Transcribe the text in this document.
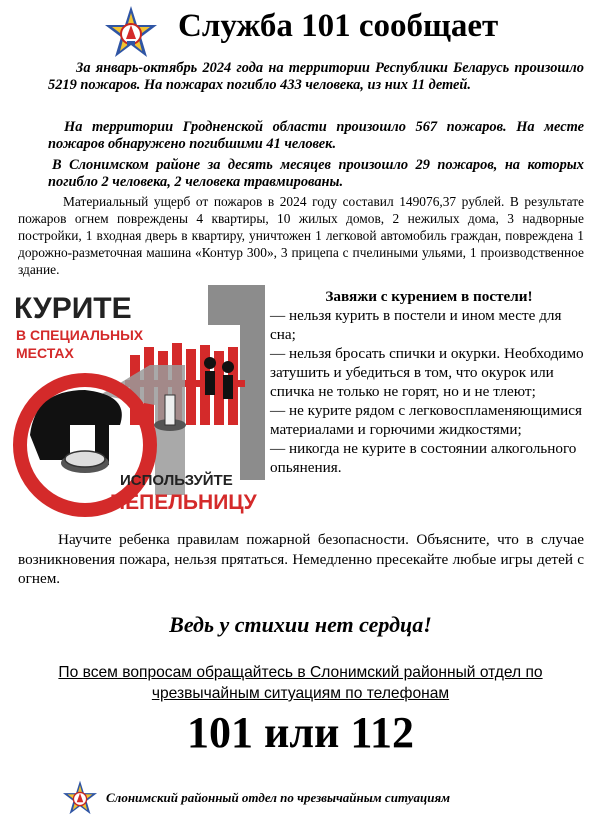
Служба 101 сообщает
За январь-октябрь 2024 года на территории Республики Беларусь произошло 5219 пожаров. На пожарах погибло 433 человека, из них 11 детей.
На территории Гродненской области произошло 567 пожаров. На месте пожаров обнаружено погибшими 41 человек.
В Слонимском районе за десять месяцев произошло 29 пожаров, на которых погибло 2 человека, 2 человека травмированы.
Материальный ущерб от пожаров в 2024 году составил 149076,37 рублей. В результате пожаров огнем повреждены 4 квартиры, 10 жилых домов, 2 нежилых дома, 3 надворные постройки, 1 входная дверь в квартиру, уничтожен 1 легковой автомобиль граждан, повреждена 1 дорожно-разметочная машина «Контур 300», 3 прицепа с пчелиными ульями, 1 производственное здание.
КУРИТЕ
В СПЕЦИАЛЬНЫХ
МЕСТАХ
ИСПОЛЬЗУЙТЕ
ПЕПЕЛЬНИЦУ
Завяжи с курением в постели!
— нельзя курить в постели и ином месте для сна;
— нельзя бросать спички и окурки. Необходимо затушить и убедиться в том, что окурок или спичка не только не горят, но и не тлеют;
— не курите рядом с легковоспламеняющимися материалами и горючими жидкостями;
— никогда не курите в состоянии алкогольного опьянения.
Научите ребенка правилам пожарной безопасности. Объясните, что в случае возникновения пожара, нельзя прятаться. Немедленно пресекайте любые игры детей с огнем.
Ведь у стихии нет сердца!
По всем вопросам обращайтесь в Слонимский районный отдел по
чрезвычайным ситуациям по телефонам
101 или 112
Слонимский районный отдел по чрезвычайным ситуациям
